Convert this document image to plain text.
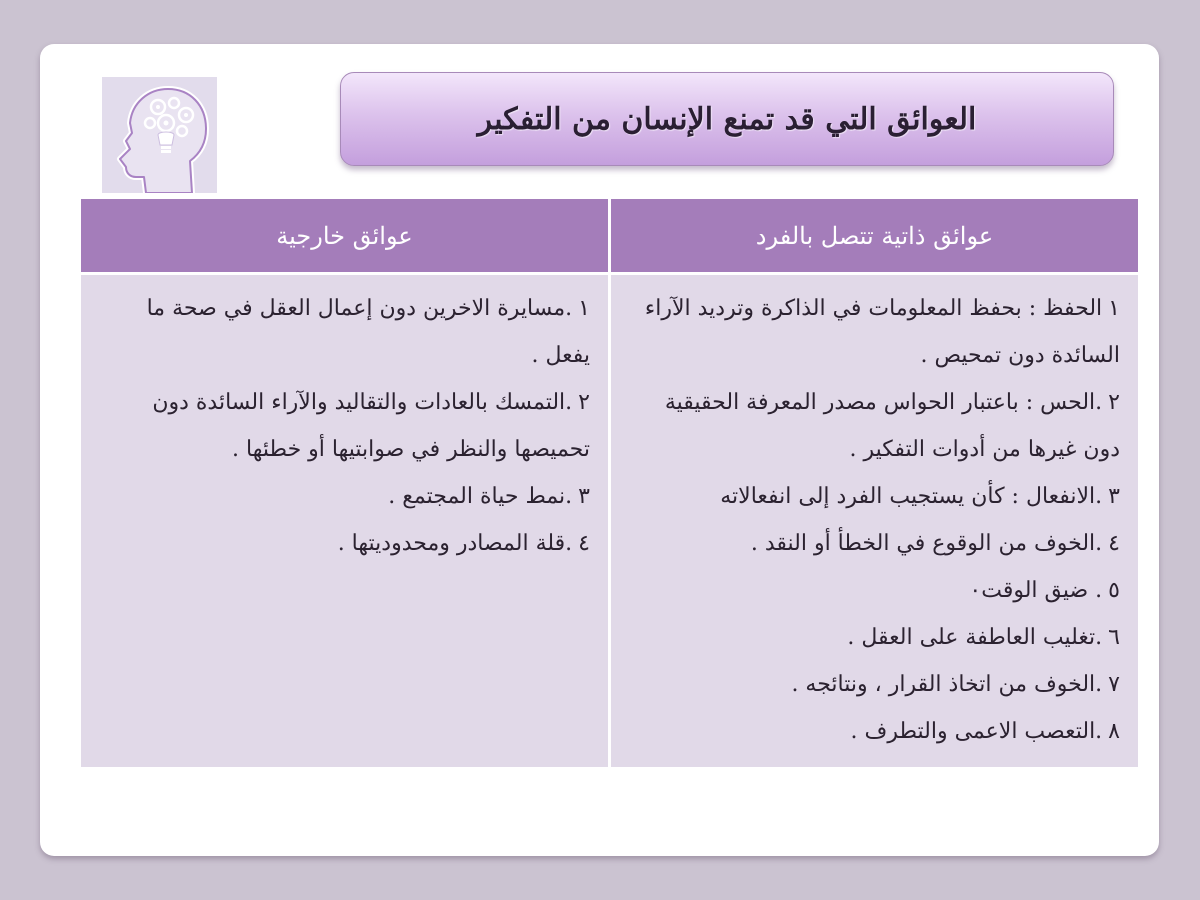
العوائق التي قد تمنع الإنسان من التفكير
عوائق ذاتية تتصل بالفرد
عوائق خارجية

١الحفظ : بحفظ المعلومات في الذاكرة وترديد الآراء السائدة دون تمحيص .

٢.الحس : باعتبار الحواس مصدر المعرفة الحقيقية دون غيرها من أدوات التفكير .

٣.الانفعال : كأن يستجيب الفرد إلى انفعالاته

٤.الخوف من الوقوع في الخطأ أو النقد .

٥. ضيق الوقت٠

٦.تغليب العاطفة على العقل .

٧.الخوف من اتخاذ القرار ، ونتائجه .

٨.التعصب الاعمى والتطرف .

١.مسايرة الاخرين دون إعمال العقل في صحة ما يفعل .

٢.التمسك بالعادات والتقاليد والآراء السائدة دون تحميصها والنظر في صوابتيها أو خطئها .

٣.نمط حياة المجتمع .

٤.قلة المصادر ومحدوديتها .
